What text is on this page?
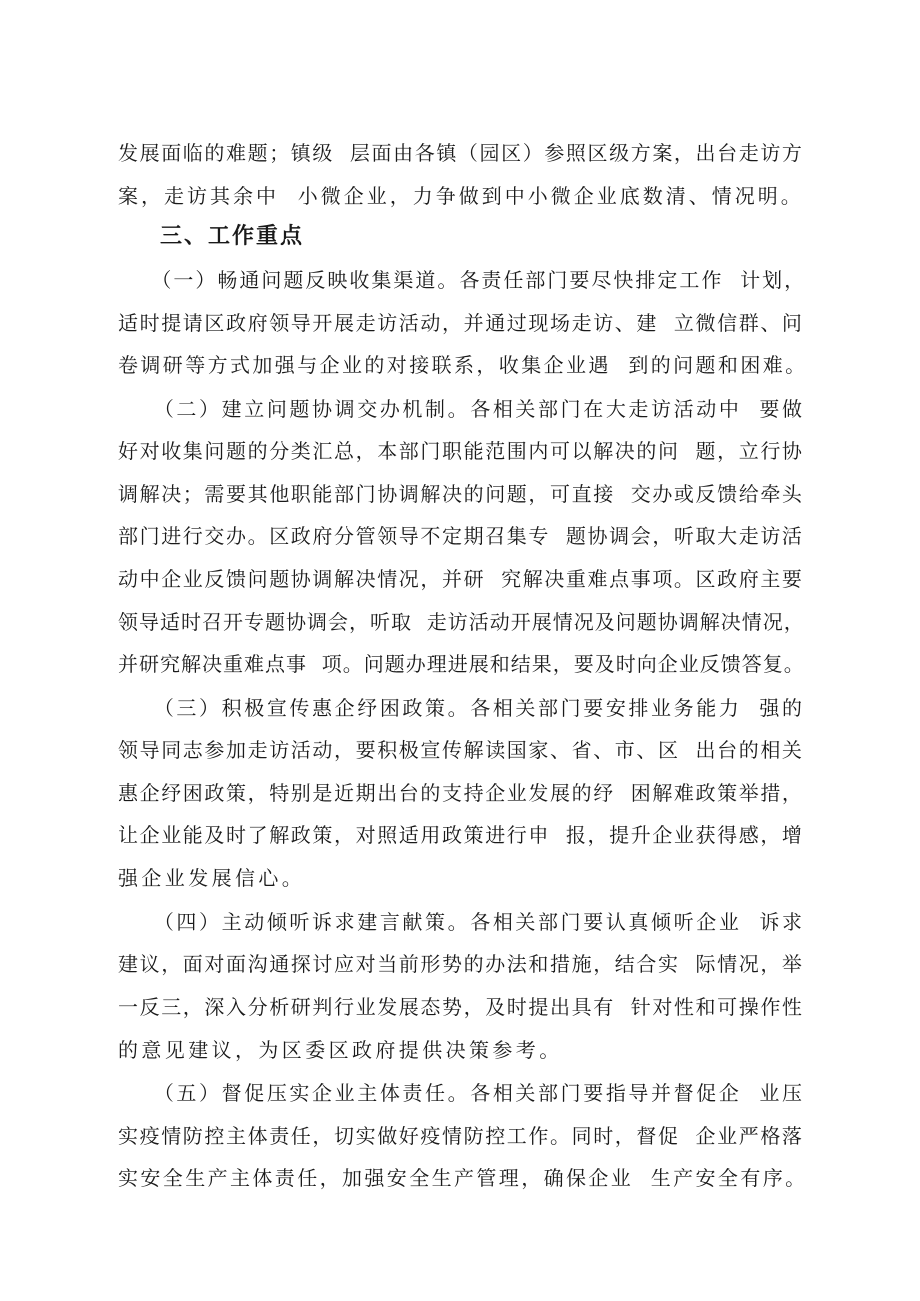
发展面临的难题；镇级  层面由各镇（园区）参照区级方案，出台走访方
案，走访其余中  小微企业，力争做到中小微企业底数清、情况明。
三、工作重点
（一）畅通问题反映收集渠道。各责任部门要尽快排定工作  计划，
适时提请区政府领导开展走访活动，并通过现场走访、建  立微信群、问
卷调研等方式加强与企业的对接联系，收集企业遇  到的问题和困难。
（二）建立问题协调交办机制。各相关部门在大走访活动中  要做
好对收集问题的分类汇总，本部门职能范围内可以解决的问  题，立行协
调解决；需要其他职能部门协调解决的问题，可直接  交办或反馈给牵头
部门进行交办。区政府分管领导不定期召集专  题协调会，听取大走访活
动中企业反馈问题协调解决情况，并研  究解决重难点事项。区政府主要
领导适时召开专题协调会，听取  走访活动开展情况及问题协调解决情况，
并研究解决重难点事  项。问题办理进展和结果，要及时向企业反馈答复。
（三）积极宣传惠企纾困政策。各相关部门要安排业务能力  强的
领导同志参加走访活动，要积极宣传解读国家、省、市、区  出台的相关
惠企纾困政策，特别是近期出台的支持企业发展的纾  困解难政策举措，
让企业能及时了解政策，对照适用政策进行申  报，提升企业获得感，增
强企业发展信心。
（四）主动倾听诉求建言献策。各相关部门要认真倾听企业  诉求
建议，面对面沟通探讨应对当前形势的办法和措施，结合实  际情况，举
一反三，深入分析研判行业发展态势，及时提出具有  针对性和可操作性
的意见建议，为区委区政府提供决策参考。
（五）督促压实企业主体责任。各相关部门要指导并督促企  业压
实疫情防控主体责任，切实做好疫情防控工作。同时，督促  企业严格落
实安全生产主体责任，加强安全生产管理，确保企业  生产安全有序。
